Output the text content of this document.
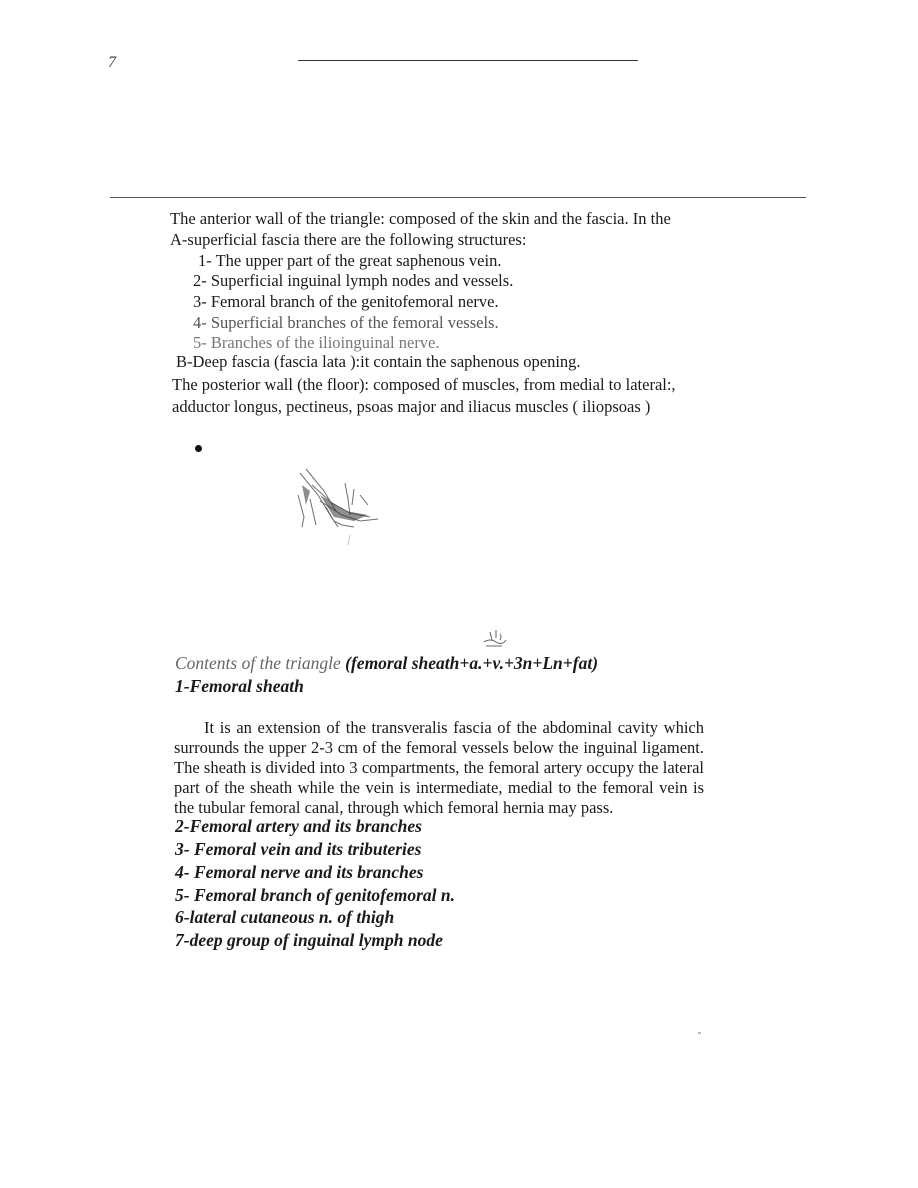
7
The anterior wall of the triangle: composed of the skin and the fascia. In the
A-superficial fascia there are the following structures:
1- The upper part of the great saphenous vein.
2- Superficial inguinal lymph nodes and vessels.
3- Femoral branch of the genitofemoral nerve.
4- Superficial branches of the femoral vessels.
5- Branches of the ilioinguinal nerve.
B-Deep fascia (fascia lata ):it contain the saphenous opening.
The posterior wall (the floor): composed of muscles, from medial to lateral:,
adductor longus, pectineus, psoas major and iliacus muscles ( iliopsoas )
Contents of the triangle (femoral sheath+a.+v.+3n+Ln+fat)
1-Femoral sheath
It is an extension of the transveralis fascia of the abdominal cavity which surrounds the upper 2-3 cm of the femoral vessels below the inguinal ligament. The sheath is divided into 3 compartments, the femoral artery occupy the lateral part of the sheath while the vein is intermediate, medial to the femoral vein is the tubular femoral canal, through which femoral hernia may pass.
2-Femoral artery and its branches
3- Femoral vein and its tributeries
4- Femoral nerve and its branches
5- Femoral branch of genitofemoral n.
6-lateral cutaneous n. of thigh
7-deep group of inguinal lymph node
